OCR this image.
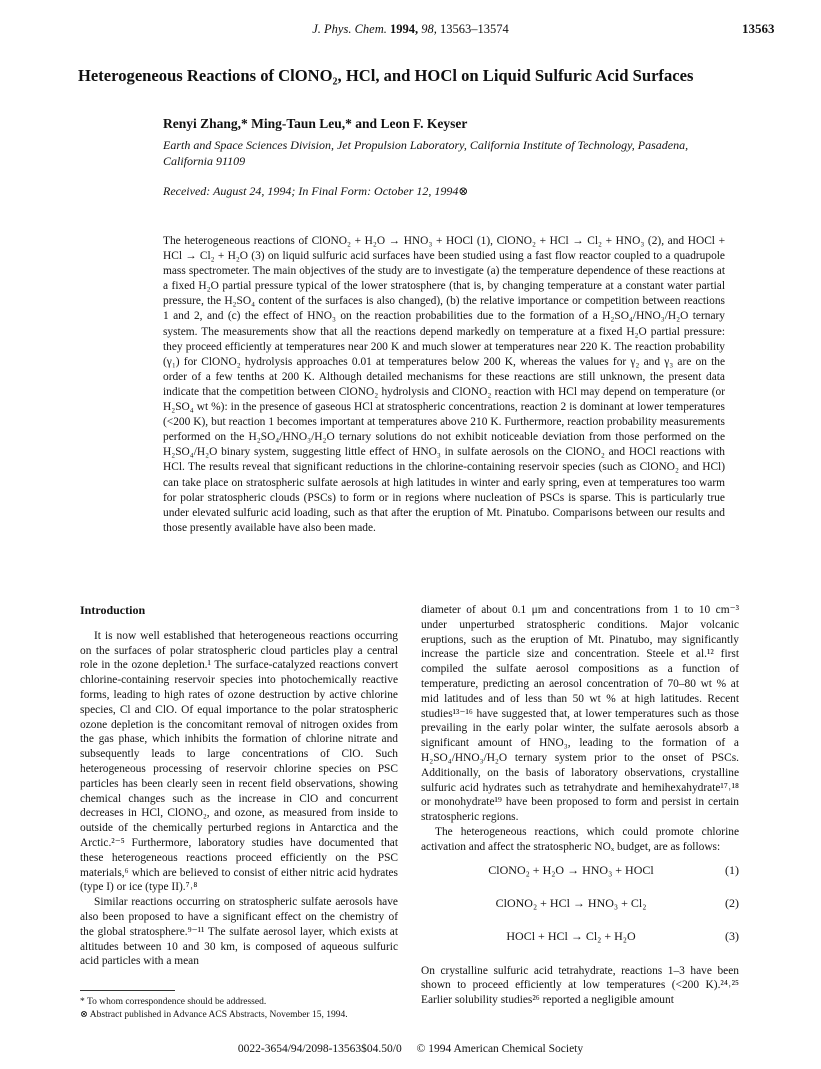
J. Phys. Chem. 1994, 98, 13563–13574	13563
Heterogeneous Reactions of ClONO₂, HCl, and HOCl on Liquid Sulfuric Acid Surfaces
Renyi Zhang,* Ming-Taun Leu,* and Leon F. Keyser
Earth and Space Sciences Division, Jet Propulsion Laboratory, California Institute of Technology, Pasadena, California 91109
Received: August 24, 1994; In Final Form: October 12, 1994⊗

The heterogeneous reactions of ClONO₂ + H₂O → HNO₃ + HOCl (1), ClONO₂ + HCl → Cl₂ + HNO₃ (2), and HOCl + HCl → Cl₂ + H₂O (3) on liquid sulfuric acid surfaces have been studied using a fast flow reactor coupled to a quadrupole mass spectrometer. The main objectives of the study are to investigate (a) the temperature dependence of these reactions at a fixed H₂O partial pressure typical of the lower stratosphere (that is, by changing temperature at a constant water partial pressure, the H₂SO₄ content of the surfaces is also changed), (b) the relative importance or competition between reactions 1 and 2, and (c) the effect of HNO₃ on the reaction probabilities due to the formation of a H₂SO₄/HNO₃/H₂O ternary system. The measurements show that all the reactions depend markedly on temperature at a fixed H₂O partial pressure: they proceed efficiently at temperatures near 200 K and much slower at temperatures near 220 K. The reaction probability (γ₁) for ClONO₂ hydrolysis approaches 0.01 at temperatures below 200 K, whereas the values for γ₂ and γ₃ are on the order of a few tenths at 200 K. Although detailed mechanisms for these reactions are still unknown, the present data indicate that the competition between ClONO₂ hydrolysis and ClONO₂ reaction with HCl may depend on temperature (or H₂SO₄ wt %): in the presence of gaseous HCl at stratospheric concentrations, reaction 2 is dominant at lower temperatures (<200 K), but reaction 1 becomes important at temperatures above 210 K. Furthermore, reaction probability measurements performed on the H₂SO₄/HNO₃/H₂O ternary solutions do not exhibit noticeable deviation from those performed on the H₂SO₄/H₂O binary system, suggesting little effect of HNO₃ in sulfate aerosols on the ClONO₂ and HOCl reactions with HCl. The results reveal that significant reductions in the chlorine-containing reservoir species (such as ClONO₂ and HCl) can take place on stratospheric sulfate aerosols at high latitudes in winter and early spring, even at temperatures too warm for polar stratospheric clouds (PSCs) to form or in regions where nucleation of PSCs is sparse. This is particularly true under elevated sulfuric acid loading, such as that after the eruption of Mt. Pinatubo. Comparisons between our results and those presently available have also been made.

Introduction

It is now well established that heterogeneous reactions occurring on the surfaces of polar stratospheric cloud particles play a central role in the ozone depletion.¹ The surface-catalyzed reactions convert chlorine-containing reservoir species into photochemically reactive forms, leading to high rates of ozone destruction by active chlorine species, Cl and ClO. Of equal importance to the polar stratospheric ozone depletion is the concomitant removal of nitrogen oxides from the gas phase, which inhibits the formation of chlorine nitrate and subsequently leads to large concentrations of ClO. Such heterogeneous processing of reservoir chlorine species on PSC particles has been clearly seen in recent field observations, showing chemical changes such as the increase in ClO and concurrent decreases in HCl, ClONO₂, and ozone, as measured from inside to outside of the chemically perturbed regions in Antarctica and the Arctic.²⁻⁵ Furthermore, laboratory studies have documented that these heterogeneous reactions proceed efficiently on the PSC materials,⁶ which are believed to consist of either nitric acid hydrates (type I) or ice (type II).⁷˒⁸

Similar reactions occurring on stratospheric sulfate aerosols have also been proposed to have a significant effect on the chemistry of the global stratosphere.⁹⁻¹¹ The sulfate aerosol layer, which exists at altitudes between 10 and 30 km, is composed of aqueous sulfuric acid particles with a mean

diameter of about 0.1 μm and concentrations from 1 to 10 cm⁻³ under unperturbed stratospheric conditions. Major volcanic eruptions, such as the eruption of Mt. Pinatubo, may significantly increase the particle size and concentration. Steele et al.¹² first compiled the sulfate aerosol compositions as a function of temperature, predicting an aerosol concentration of 70–80 wt % at mid latitudes and of less than 50 wt % at high latitudes. Recent studies¹³⁻¹⁶ have suggested that, at lower temperatures such as those prevailing in the early polar winter, the sulfate aerosols absorb a significant amount of HNO₃, leading to the formation of a H₂SO₄/HNO₃/H₂O ternary system prior to the onset of PSCs. Additionally, on the basis of laboratory observations, crystalline sulfuric acid hydrates such as tetrahydrate and hemihexahydrate¹⁷˒¹⁸ or monohydrate¹⁹ have been proposed to form and persist in certain stratospheric regions.

The heterogeneous reactions, which could promote chlorine activation and affect the stratospheric NOₓ budget, are as follows:

ClONO₂ + H₂O → HNO₃ + HOCl	(1)
ClONO₂ + HCl → HNO₃ + Cl₂	(2)
HOCl + HCl → Cl₂ + H₂O	(3)

On crystalline sulfuric acid tetrahydrate, reactions 1–3 have been shown to proceed efficiently at low temperatures (<200 K).²⁴˒²⁵ Earlier solubility studies²⁶ reported a negligible amount

* To whom correspondence should be addressed.
⊗ Abstract published in Advance ACS Abstracts, November 15, 1994.
0022-3654/94/2098-13563$04.50/0 © 1994 American Chemical Society
